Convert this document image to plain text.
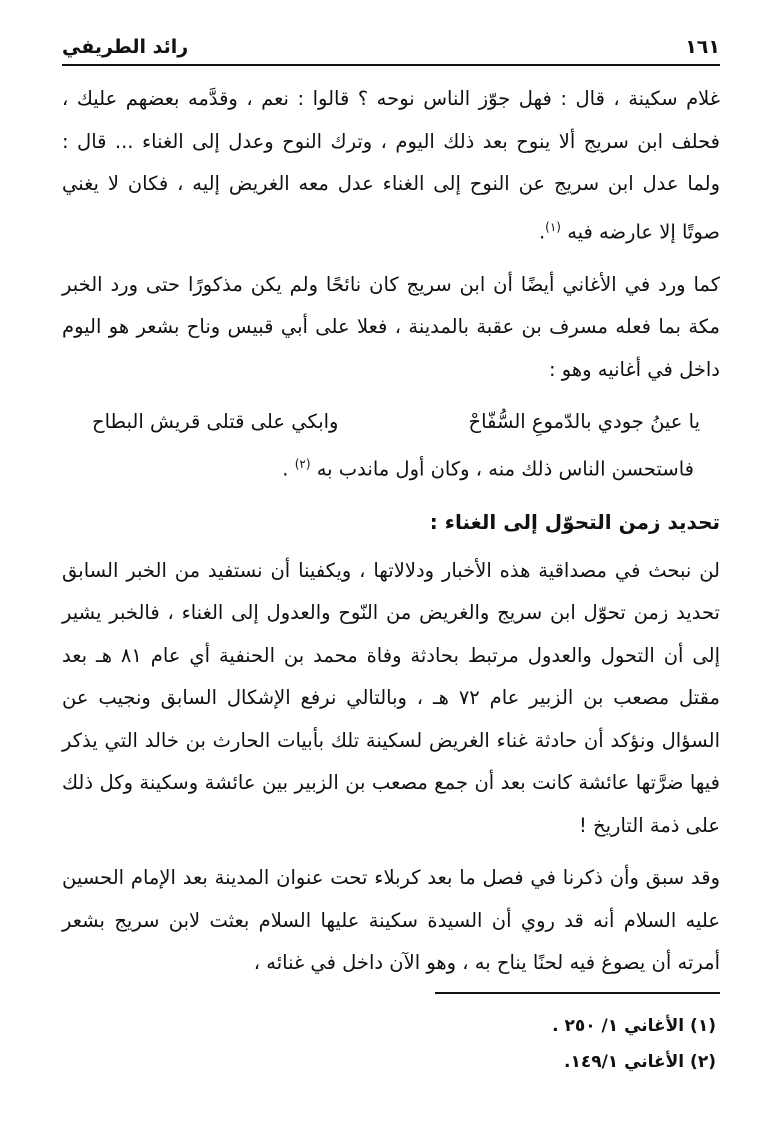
١٦١
رائد الطريفي

غلام سكينة ، قال : فهل جوّز الناس نوحه ؟ قالوا : نعم ، وقدَّمه بعضهم عليك ، فحلف ابن سريج ألا ينوح بعد ذلك اليوم ، وترك النوح وعدل إلى الغناء ... قال : ولما عدل ابن سريج عن النوح إلى الغناء عدل معه الغريض إليه ، فكان لا يغني صوتًا إلا عارضه فيه $^{(١)}$.

كما ورد في الأغاني أيضًا أن ابن سريج كان نائحًا ولم يكن مذكورًا حتى ورد الخبر مكة بما فعله مسرف بن عقبة بالمدينة ، فعلا على أبي قبيس وناح بشعر هو اليوم داخل في أغانيه وهو :

يا عينُ جودي بالدّموعِ السُّفّاحْ
وابكي على قتلى قريش البطاح

فاستحسن الناس ذلك منه ، وكان أول ماندب به $^{(٢)}$ .

تحديد زمن التحوّل إلى الغناء :

لن نبحث في مصداقية هذه الأخبار ودلالاتها ، ويكفينا أن نستفيد من الخبر السابق تحديد زمن تحوّل ابن سريج والغريض من النّوح والعدول إلى الغناء ، فالخبر يشير إلى أن التحول والعدول مرتبط بحادثة وفاة محمد بن الحنفية أي عام ٨١ هـ بعد مقتل مصعب بن الزبير عام ٧٢ هـ ، وبالتالي نرفع الإشكال السابق ونجيب عن السؤال ونؤكد أن حادثة غناء الغريض لسكينة تلك بأبيات الحارث بن خالد التي يذكر فيها ضرَّتها عائشة كانت بعد أن جمع مصعب بن الزبير بين عائشة وسكينة وكل ذلك على ذمة التاريخ !

وقد سبق وأن ذكرنا في فصل ما بعد كربلاء تحت عنوان المدينة بعد الإمام الحسين عليه السلام أنه قد روي أن السيدة سكينة عليها السلام بعثت لابن سريج بشعر أمرته أن يصوغ فيه لحنًا يناح به ، وهو الآن داخل في غنائه ،

(١) الأغاني ١/ ٢٥٠ .
(٢) الأغاني ١٤٩/١.
